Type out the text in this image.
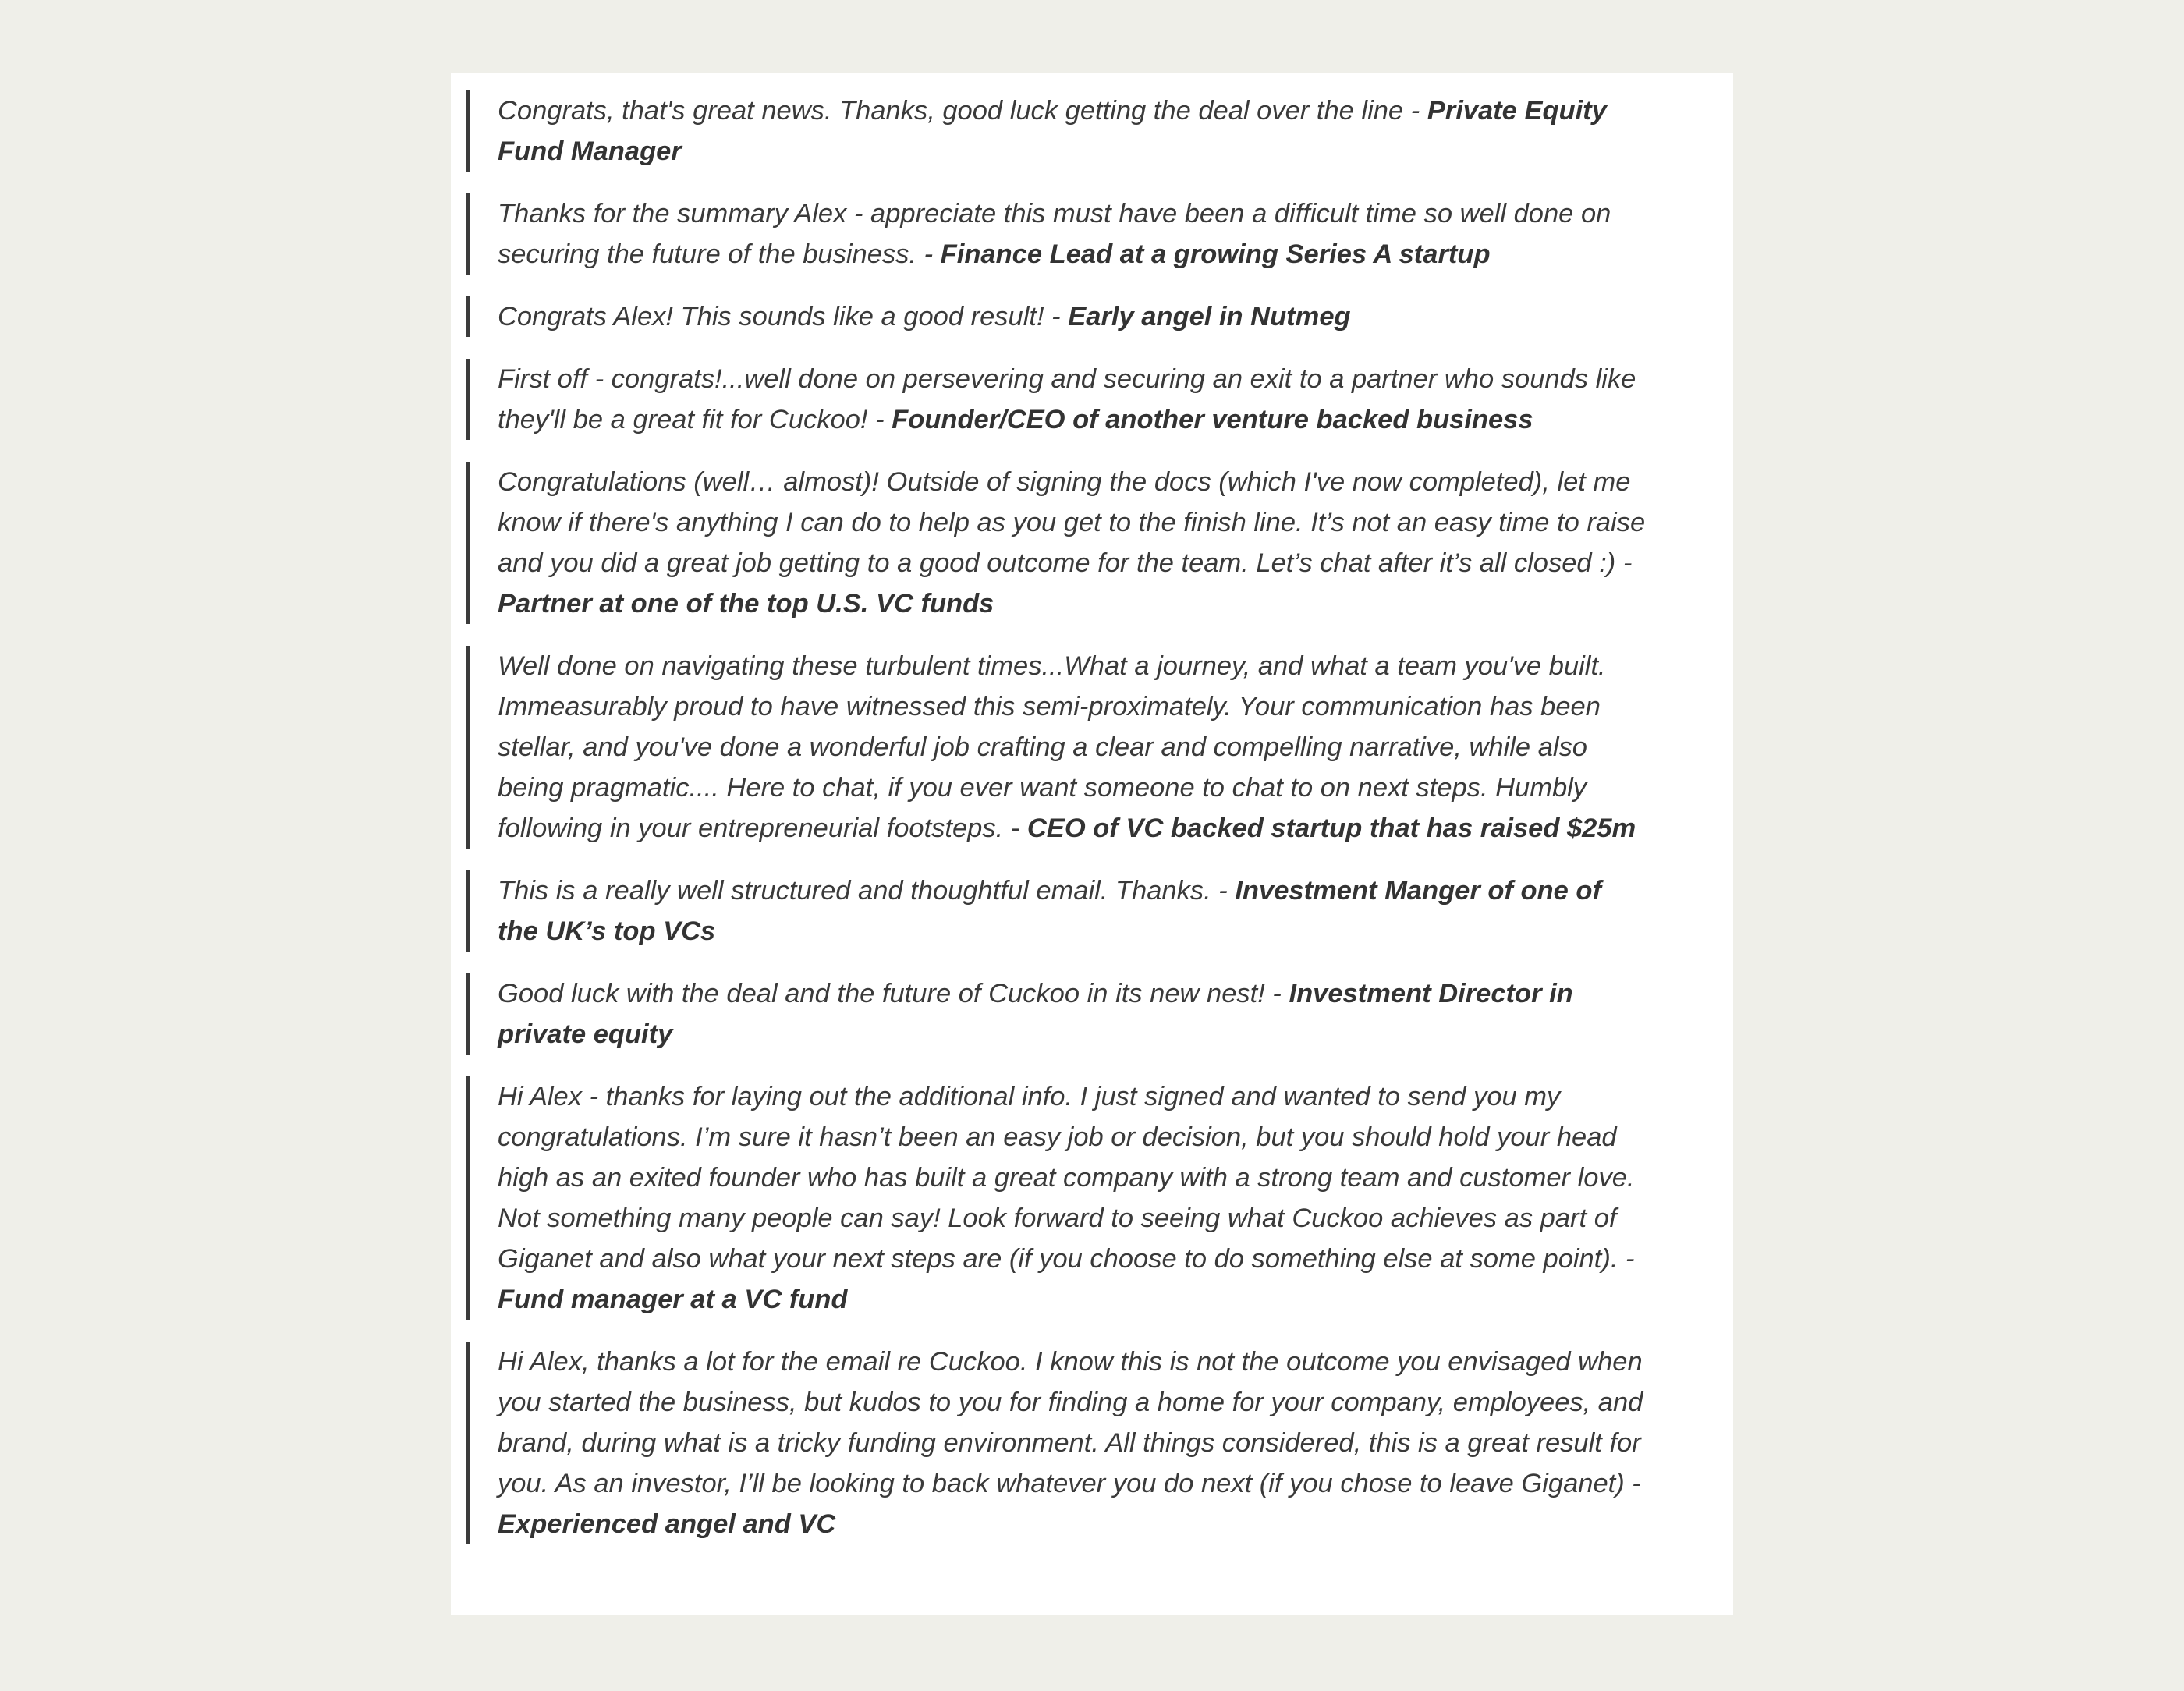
Congrats, that's great news. Thanks, good luck getting the deal over the line - Private Equity Fund Manager
Thanks for the summary Alex - appreciate this must have been a difficult time so well done on securing the future of the business. - Finance Lead at a growing Series A startup
Congrats Alex! This sounds like a good result! - Early angel in Nutmeg
First off - congrats!...well done on persevering and securing an exit to a partner who sounds like they'll be a great fit for Cuckoo! - Founder/CEO of another venture backed business
Congratulations (well… almost)! Outside of signing the docs (which I've now completed), let me know if there's anything I can do to help as you get to the finish line. It’s not an easy time to raise and you did a great job getting to a good outcome for the team. Let’s chat after it’s all closed :) - Partner at one of the top U.S. VC funds
Well done on navigating these turbulent times...What a journey, and what a team you've built. Immeasurably proud to have witnessed this semi-proximately. Your communication has been stellar, and you've done a wonderful job crafting a clear and compelling narrative, while also being pragmatic.... Here to chat, if you ever want someone to chat to on next steps. Humbly following in your entrepreneurial footsteps. - CEO of VC backed startup that has raised $25m
This is a really well structured and thoughtful email. Thanks. - Investment Manger of one of the UK’s top VCs
Good luck with the deal and the future of Cuckoo in its new nest! - Investment Director in private equity
Hi Alex - thanks for laying out the additional info. I just signed and wanted to send you my congratulations. I’m sure it hasn’t been an easy job or decision, but you should hold your head high as an exited founder who has built a great company with a strong team and customer love. Not something many people can say! Look forward to seeing what Cuckoo achieves as part of Giganet and also what your next steps are (if you choose to do something else at some point). - Fund manager at a VC fund
Hi Alex, thanks a lot for the email re Cuckoo. I know this is not the outcome you envisaged when you started the business, but kudos to you for finding a home for your company, employees, and brand, during what is a tricky funding environment. All things considered, this is a great result for you. As an investor, I’ll be looking to back whatever you do next (if you chose to leave Giganet) - Experienced angel and VC
